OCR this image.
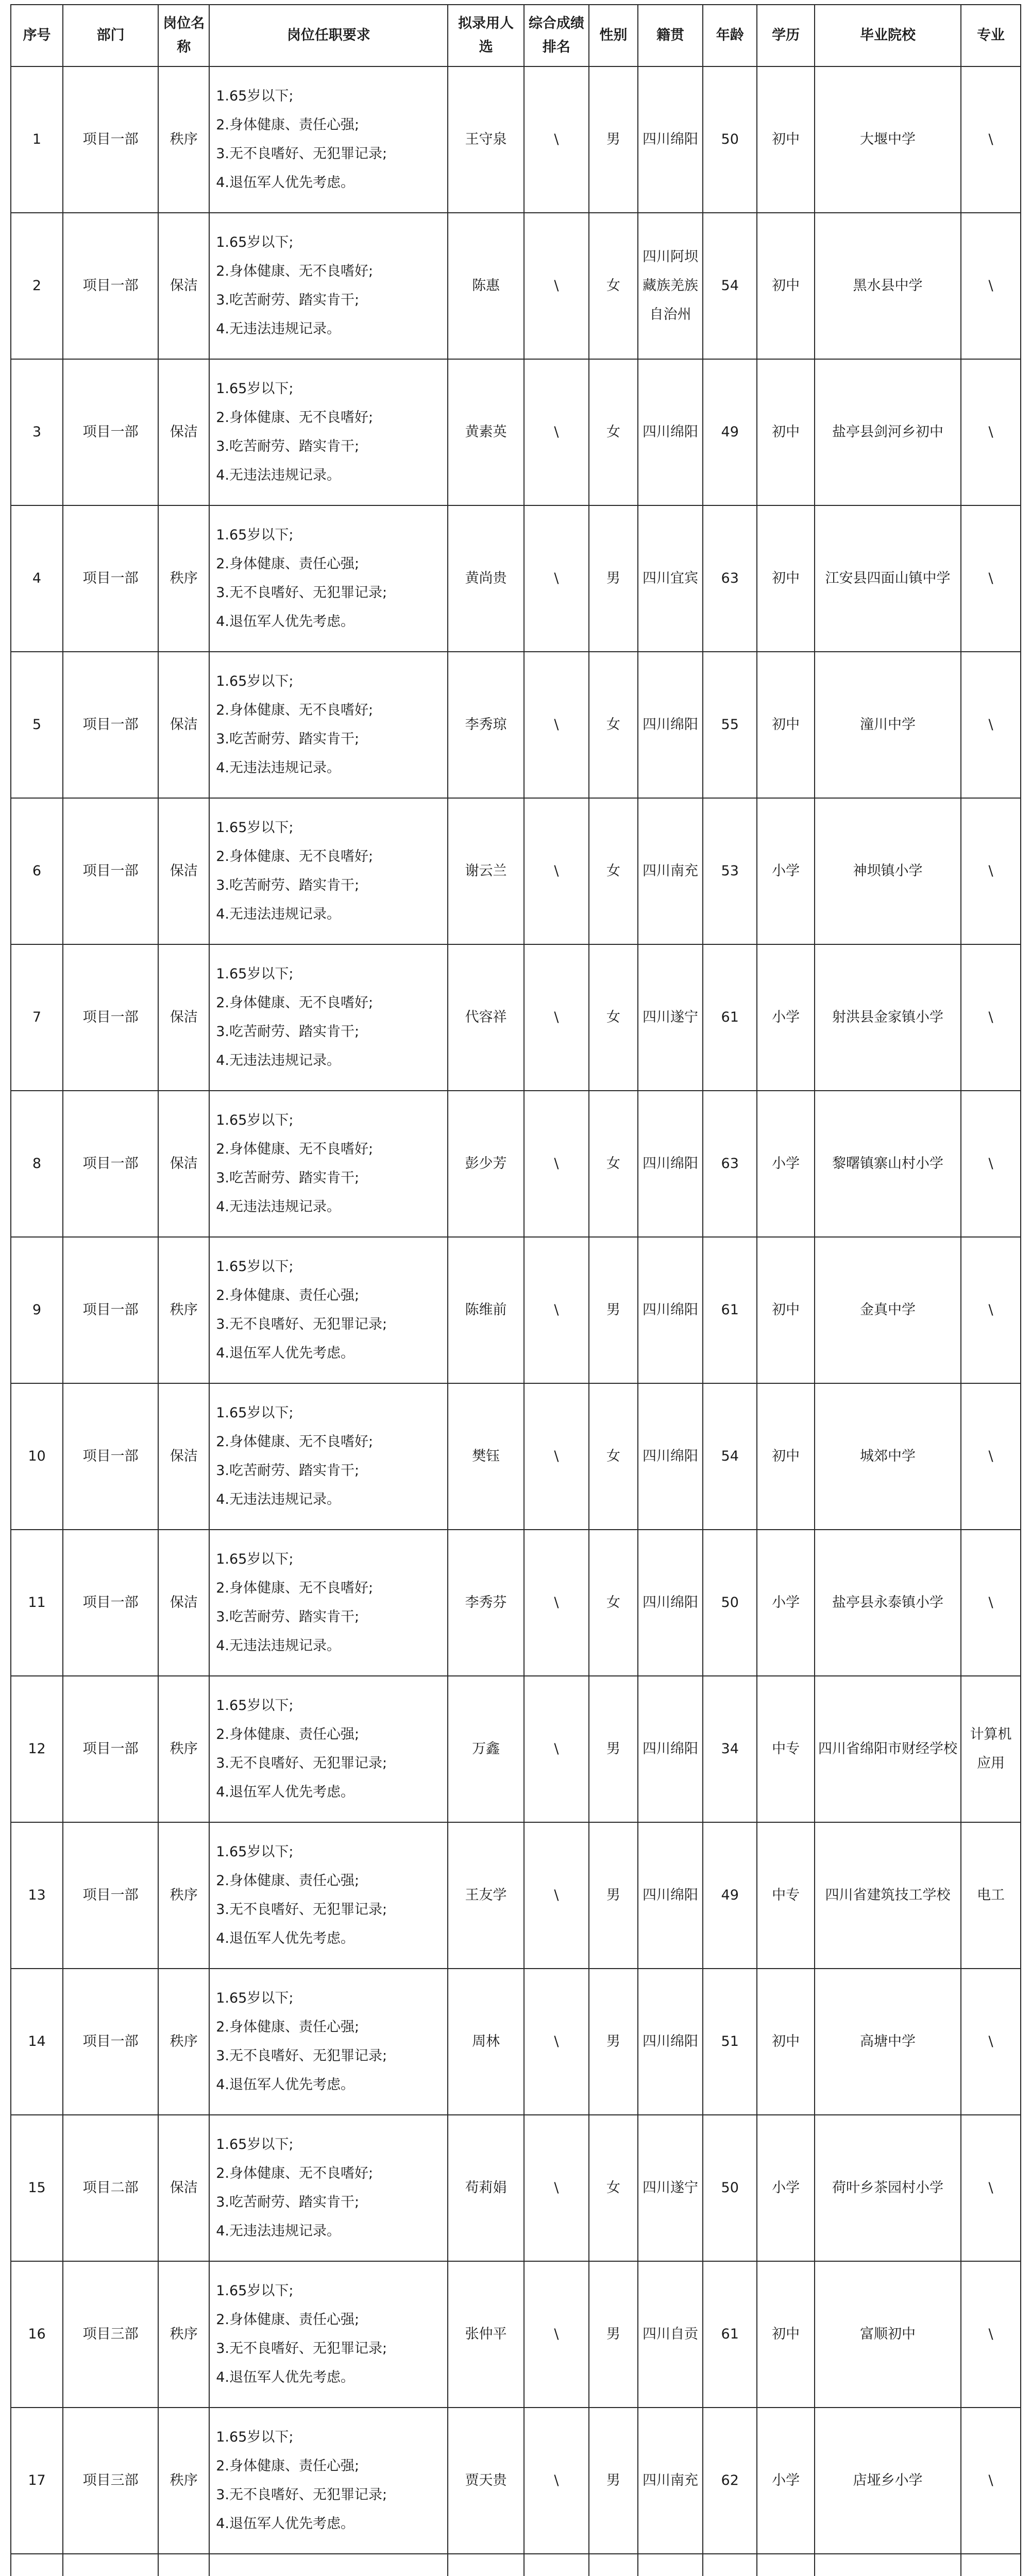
序号	部门	岗位名称	岗位任职要求	拟录用人选	综合成绩排名	性别	籍贯	年龄	学历	毕业院校	专业
1	项目一部	秩序	1.65岁以下;
2.身体健康、责任心强;
3.无不良嗜好、无犯罪记录;
4.退伍军人优先考虑。	王守泉	\	男	四川绵阳	50	初中	大堰中学	\
2	项目一部	保洁	1.65岁以下;
2.身体健康、无不良嗜好;
3.吃苦耐劳、踏实肯干;
4.无违法违规记录。	陈惠	\	女	四川阿坝藏族羌族自治州	54	初中	黑水县中学	\
3	项目一部	保洁	1.65岁以下;
2.身体健康、无不良嗜好;
3.吃苦耐劳、踏实肯干;
4.无违法违规记录。	黄素英	\	女	四川绵阳	49	初中	盐亭县剑河乡初中	\
4	项目一部	秩序	1.65岁以下;
2.身体健康、责任心强;
3.无不良嗜好、无犯罪记录;
4.退伍军人优先考虑。	黄尚贵	\	男	四川宜宾	63	初中	江安县四面山镇中学	\
5	项目一部	保洁	1.65岁以下;
2.身体健康、无不良嗜好;
3.吃苦耐劳、踏实肯干;
4.无违法违规记录。	李秀琼	\	女	四川绵阳	55	初中	潼川中学	\
6	项目一部	保洁	1.65岁以下;
2.身体健康、无不良嗜好;
3.吃苦耐劳、踏实肯干;
4.无违法违规记录。	谢云兰	\	女	四川南充	53	小学	神坝镇小学	\
7	项目一部	保洁	1.65岁以下;
2.身体健康、无不良嗜好;
3.吃苦耐劳、踏实肯干;
4.无违法违规记录。	代容祥	\	女	四川遂宁	61	小学	射洪县金家镇小学	\
8	项目一部	保洁	1.65岁以下;
2.身体健康、无不良嗜好;
3.吃苦耐劳、踏实肯干;
4.无违法违规记录。	彭少芳	\	女	四川绵阳	63	小学	黎曙镇寨山村小学	\
9	项目一部	秩序	1.65岁以下;
2.身体健康、责任心强;
3.无不良嗜好、无犯罪记录;
4.退伍军人优先考虑。	陈维前	\	男	四川绵阳	61	初中	金真中学	\
10	项目一部	保洁	1.65岁以下;
2.身体健康、无不良嗜好;
3.吃苦耐劳、踏实肯干;
4.无违法违规记录。	樊钰	\	女	四川绵阳	54	初中	城郊中学	\
11	项目一部	保洁	1.65岁以下;
2.身体健康、无不良嗜好;
3.吃苦耐劳、踏实肯干;
4.无违法违规记录。	李秀芬	\	女	四川绵阳	50	小学	盐亭县永泰镇小学	\
12	项目一部	秩序	1.65岁以下;
2.身体健康、责任心强;
3.无不良嗜好、无犯罪记录;
4.退伍军人优先考虑。	万鑫	\	男	四川绵阳	34	中专	四川省绵阳市财经学校	计算机应用
13	项目一部	秩序	1.65岁以下;
2.身体健康、责任心强;
3.无不良嗜好、无犯罪记录;
4.退伍军人优先考虑。	王友学	\	男	四川绵阳	49	中专	四川省建筑技工学校	电工
14	项目一部	秩序	1.65岁以下;
2.身体健康、责任心强;
3.无不良嗜好、无犯罪记录;
4.退伍军人优先考虑。	周林	\	男	四川绵阳	51	初中	高塘中学	\
15	项目二部	保洁	1.65岁以下;
2.身体健康、无不良嗜好;
3.吃苦耐劳、踏实肯干;
4.无违法违规记录。	苟莉娟	\	女	四川遂宁	50	小学	荷叶乡茶园村小学	\
16	项目三部	秩序	1.65岁以下;
2.身体健康、责任心强;
3.无不良嗜好、无犯罪记录;
4.退伍军人优先考虑。	张仲平	\	男	四川自贡	61	初中	富顺初中	\
17	项目三部	秩序	1.65岁以下;
2.身体健康、责任心强;
3.无不良嗜好、无犯罪记录;
4.退伍军人优先考虑。	贾天贵	\	男	四川南充	62	小学	店垭乡小学	\
